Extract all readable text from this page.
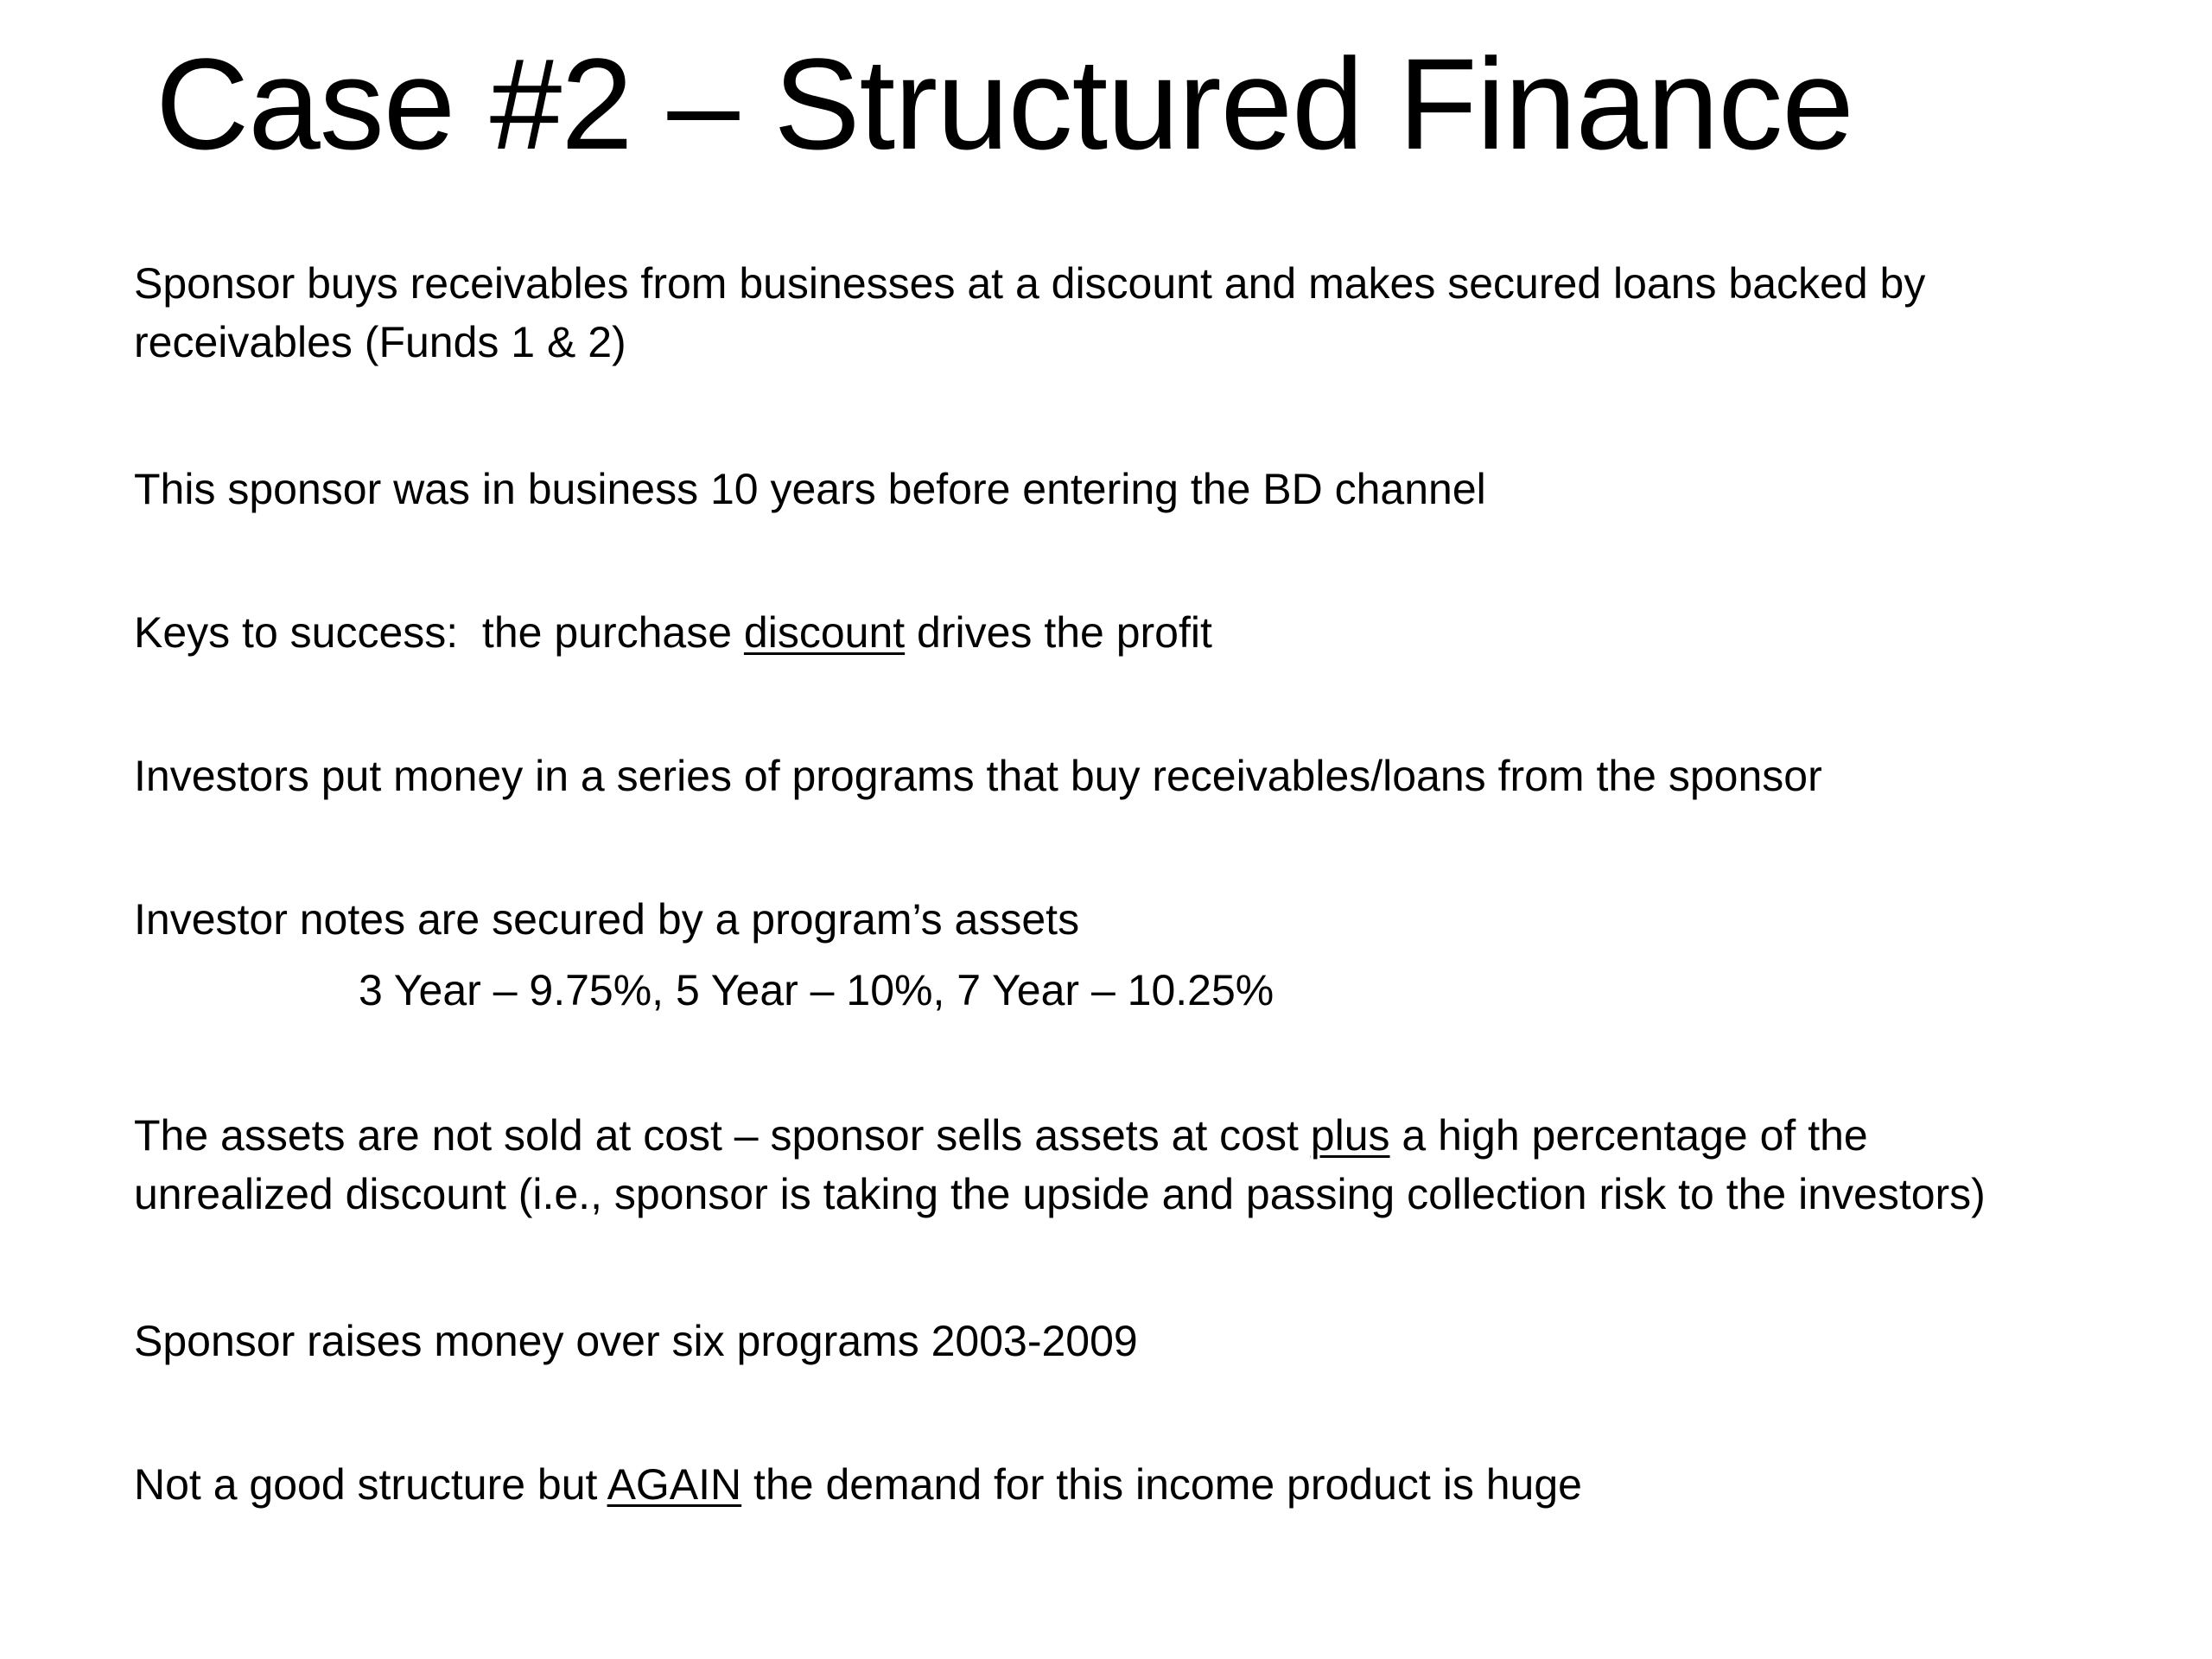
Case #2 – Structured Finance

Sponsor buys receivables from businesses at a discount and makes secured loans backed by
receivables (Funds 1 & 2)

This sponsor was in business 10 years before entering the BD channel

Keys to success:  the purchase discount drives the profit

Investors put money in a series of programs that buy receivables/loans from the sponsor

Investor notes are secured by a program’s assets

3 Year – 9.75%, 5 Year – 10%, 7 Year – 10.25%

The assets are not sold at cost – sponsor sells assets at cost plus a high percentage of the
unrealized discount (i.e., sponsor is taking the upside and passing collection risk to the investors)

Sponsor raises money over six programs 2003-2009

Not a good structure but AGAIN the demand for this income product is huge
